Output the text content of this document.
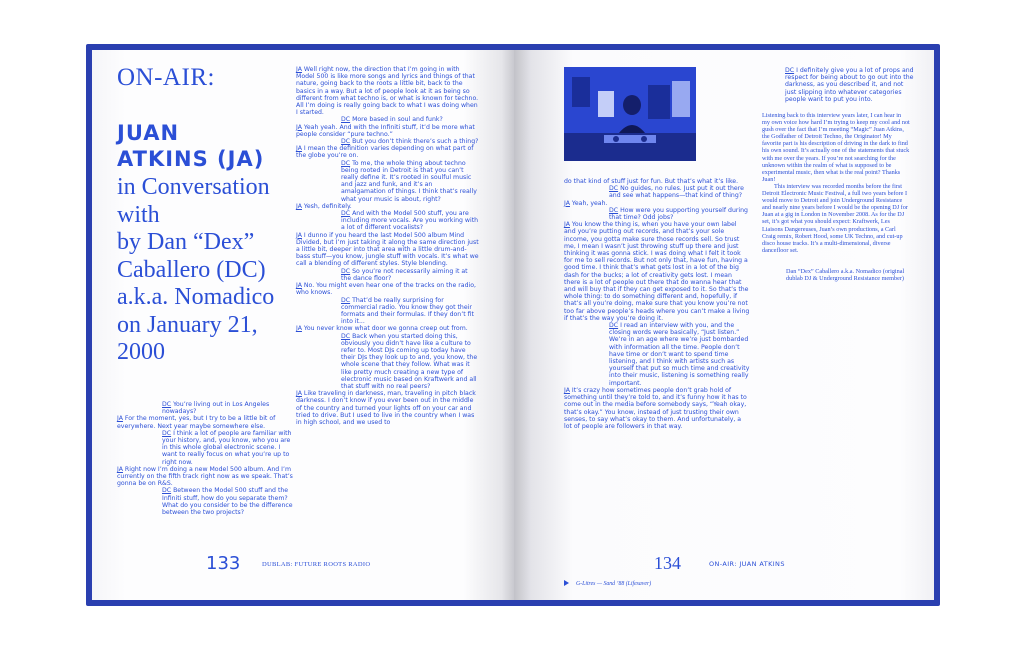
ON-AIR:
JUAN
ATKINS (JA)
in Conversation
with
by Dan “Dex”
Caballero (DC)
a.k.a. Nomadico
on January 21,
2000

DC You’re living out in Los Angeles nowadays?

JA For the moment, yes, but I try to be a little bit of everywhere. Next year maybe somewhere else.

DC I think a lot of people are familiar with your history, and, you know, who you are in this whole global electronic scene. I want to really focus on what you’re up to right now.

JA Right now I’m doing a new Model 500 album. And I’m currently on the fifth track right now as we speak. That’s gonna be on R&S.

DC Between the Model 500 stuff and the Infiniti stuff, how do you separate them? What do you consider to be the difference between the two projects?

JA Well right now, the direction that I’m going in with Model 500 is like more songs and lyrics and things of that nature, going back to the roots a little bit, back to the basics in a way. But a lot of people look at it as being so different from what techno is, or what is known for techno. All I’m doing is really going back to what I was doing when I started.

DC More based in soul and funk?

JA Yeah yeah. And with the Infiniti stuff, it’d be more what people consider “pure techno.”

DC But you don’t think there’s such a thing?

JA I mean the definition varies depending on what part of the globe you’re on.

DC To me, the whole thing about techno being rooted in Detroit is that you can’t really define it. It’s rooted in soulful music and jazz and funk, and it’s an amalgamation of things. I think that’s really what your music is about, right?

JA Yesh, definitely.

DC And with the Model 500 stuff, you are including more vocals. Are you working with a lot of different vocalists?

JA I dunno if you heard the last Model 500 album Mind Divided, but I’m just taking it along the same direction just a little bit, deeper into that area with a little drum-and-bass stuff—you know, jungle stuff with vocals. It’s what we call a blending of different styles. Style blending.

DC So you’re not necessarily aiming it at the dance floor?

JA No. You might even hear one of the tracks on the radio, who knows.

DC That’d be really surprising for commercial radio. You know they got their formats and their formulas. If they don’t fit into it...

JA You never know what door we gonna creep out from.

DC Back when you started doing this, obviously you didn’t have like a culture to refer to. Most DJs coming up today have their DJs they look up to and, you know, the whole scene that they follow. What was it like pretty much creating a new type of electronic music based on Kraftwerk and all that stuff with no real peers?

JA Like traveling in darkness, man, traveling in pitch black darkness. I don’t know if you ever been out in the middle of the country and turned your lights off on your car and tried to drive. But I used to live in the country when I was in high school, and we used to

133	DUBLAB: FUTURE ROOTS RADIO

do that kind of stuff just for fun. But that’s what it’s like.

DC No guides, no rules. Just put it out there and see what happens—that kind of thing?

JA Yeah, yeah.

DC How were you supporting yourself during that time? Odd jobs?

JA You know the thing is, when you have your own label and you’re putting out records, and that’s your sole income, you gotta make sure those records sell. So trust me, I mean I wasn’t just throwing stuff up there and just thinking it was gonna stick. I was doing what I felt it took for me to sell records. But not only that, have fun, having a good time. I think that’s what gets lost in a lot of the big dash for the bucks; a lot of creativity gets lost. I mean there is a lot of people out there that do wanna hear that and will buy that if they can get exposed to it. So that’s the whole thing: to do something different and, hopefully, if that’s all you’re doing, make sure that you know you’re not too far above people’s heads where you can’t make a living if that’s the way you’re doing it.

DC I read an interview with you, and the closing words were basically, “Just listen.” We’re in an age where we’re just bombarded with information all the time. People don’t have time or don’t want to spend time listening, and I think with artists such as yourself that put so much time and creativity into their music, listening is something really important.

JA It’s crazy how sometimes people don’t grab hold of something until they’re told to, and it’s funny how it has to come out in the media before somebody says, “Yeah okay, that’s okay.” You know, instead of just trusting their own senses, to say what’s okay to them. And unfortunately, a lot of people are followers in that way.

DC I definitely give you a lot of props and respect for being about to go out into the darkness, as you described it, and not just slipping into whatever categories people want to put you into.

Listening back to this interview years later, I can hear in my own voice how hard I’m trying to keep my cool and not gush over the fact that I’m meeting “Magic” Juan Atkins, the Godfather of Detroit Techno, the Originator! My favorite part is his description of driving in the dark to find his own sound. It’s actually one of the statements that stuck with me over the years. If you’re not searching for the unknown within the realm of what is supposed to be experimental music, then what is the real point? Thanks Juan!

This interview was recorded months before the first Detroit Electronic Music Festival, a full two years before I would move to Detroit and join Underground Resistance and nearly nine years before I would be the opening DJ for Juan at a gig in London in November 2008. As for the DJ set, it’s got what you should expect: Kraftwerk, Les Liaisons Dangereuses, Juan’s own productions, a Carl Craig remix, Robert Hood, some UK Techno, and cut-up disco house tracks. It’s a multi-dimensional, diverse dancefloor set.

Dan “Dex” Caballero a.k.a. Nomadico (original dublab DJ & Underground Resistance member)
134	ON-AIR: JUAN ATKINS
G-Litres — Sand ’88 (Lifesaver)
